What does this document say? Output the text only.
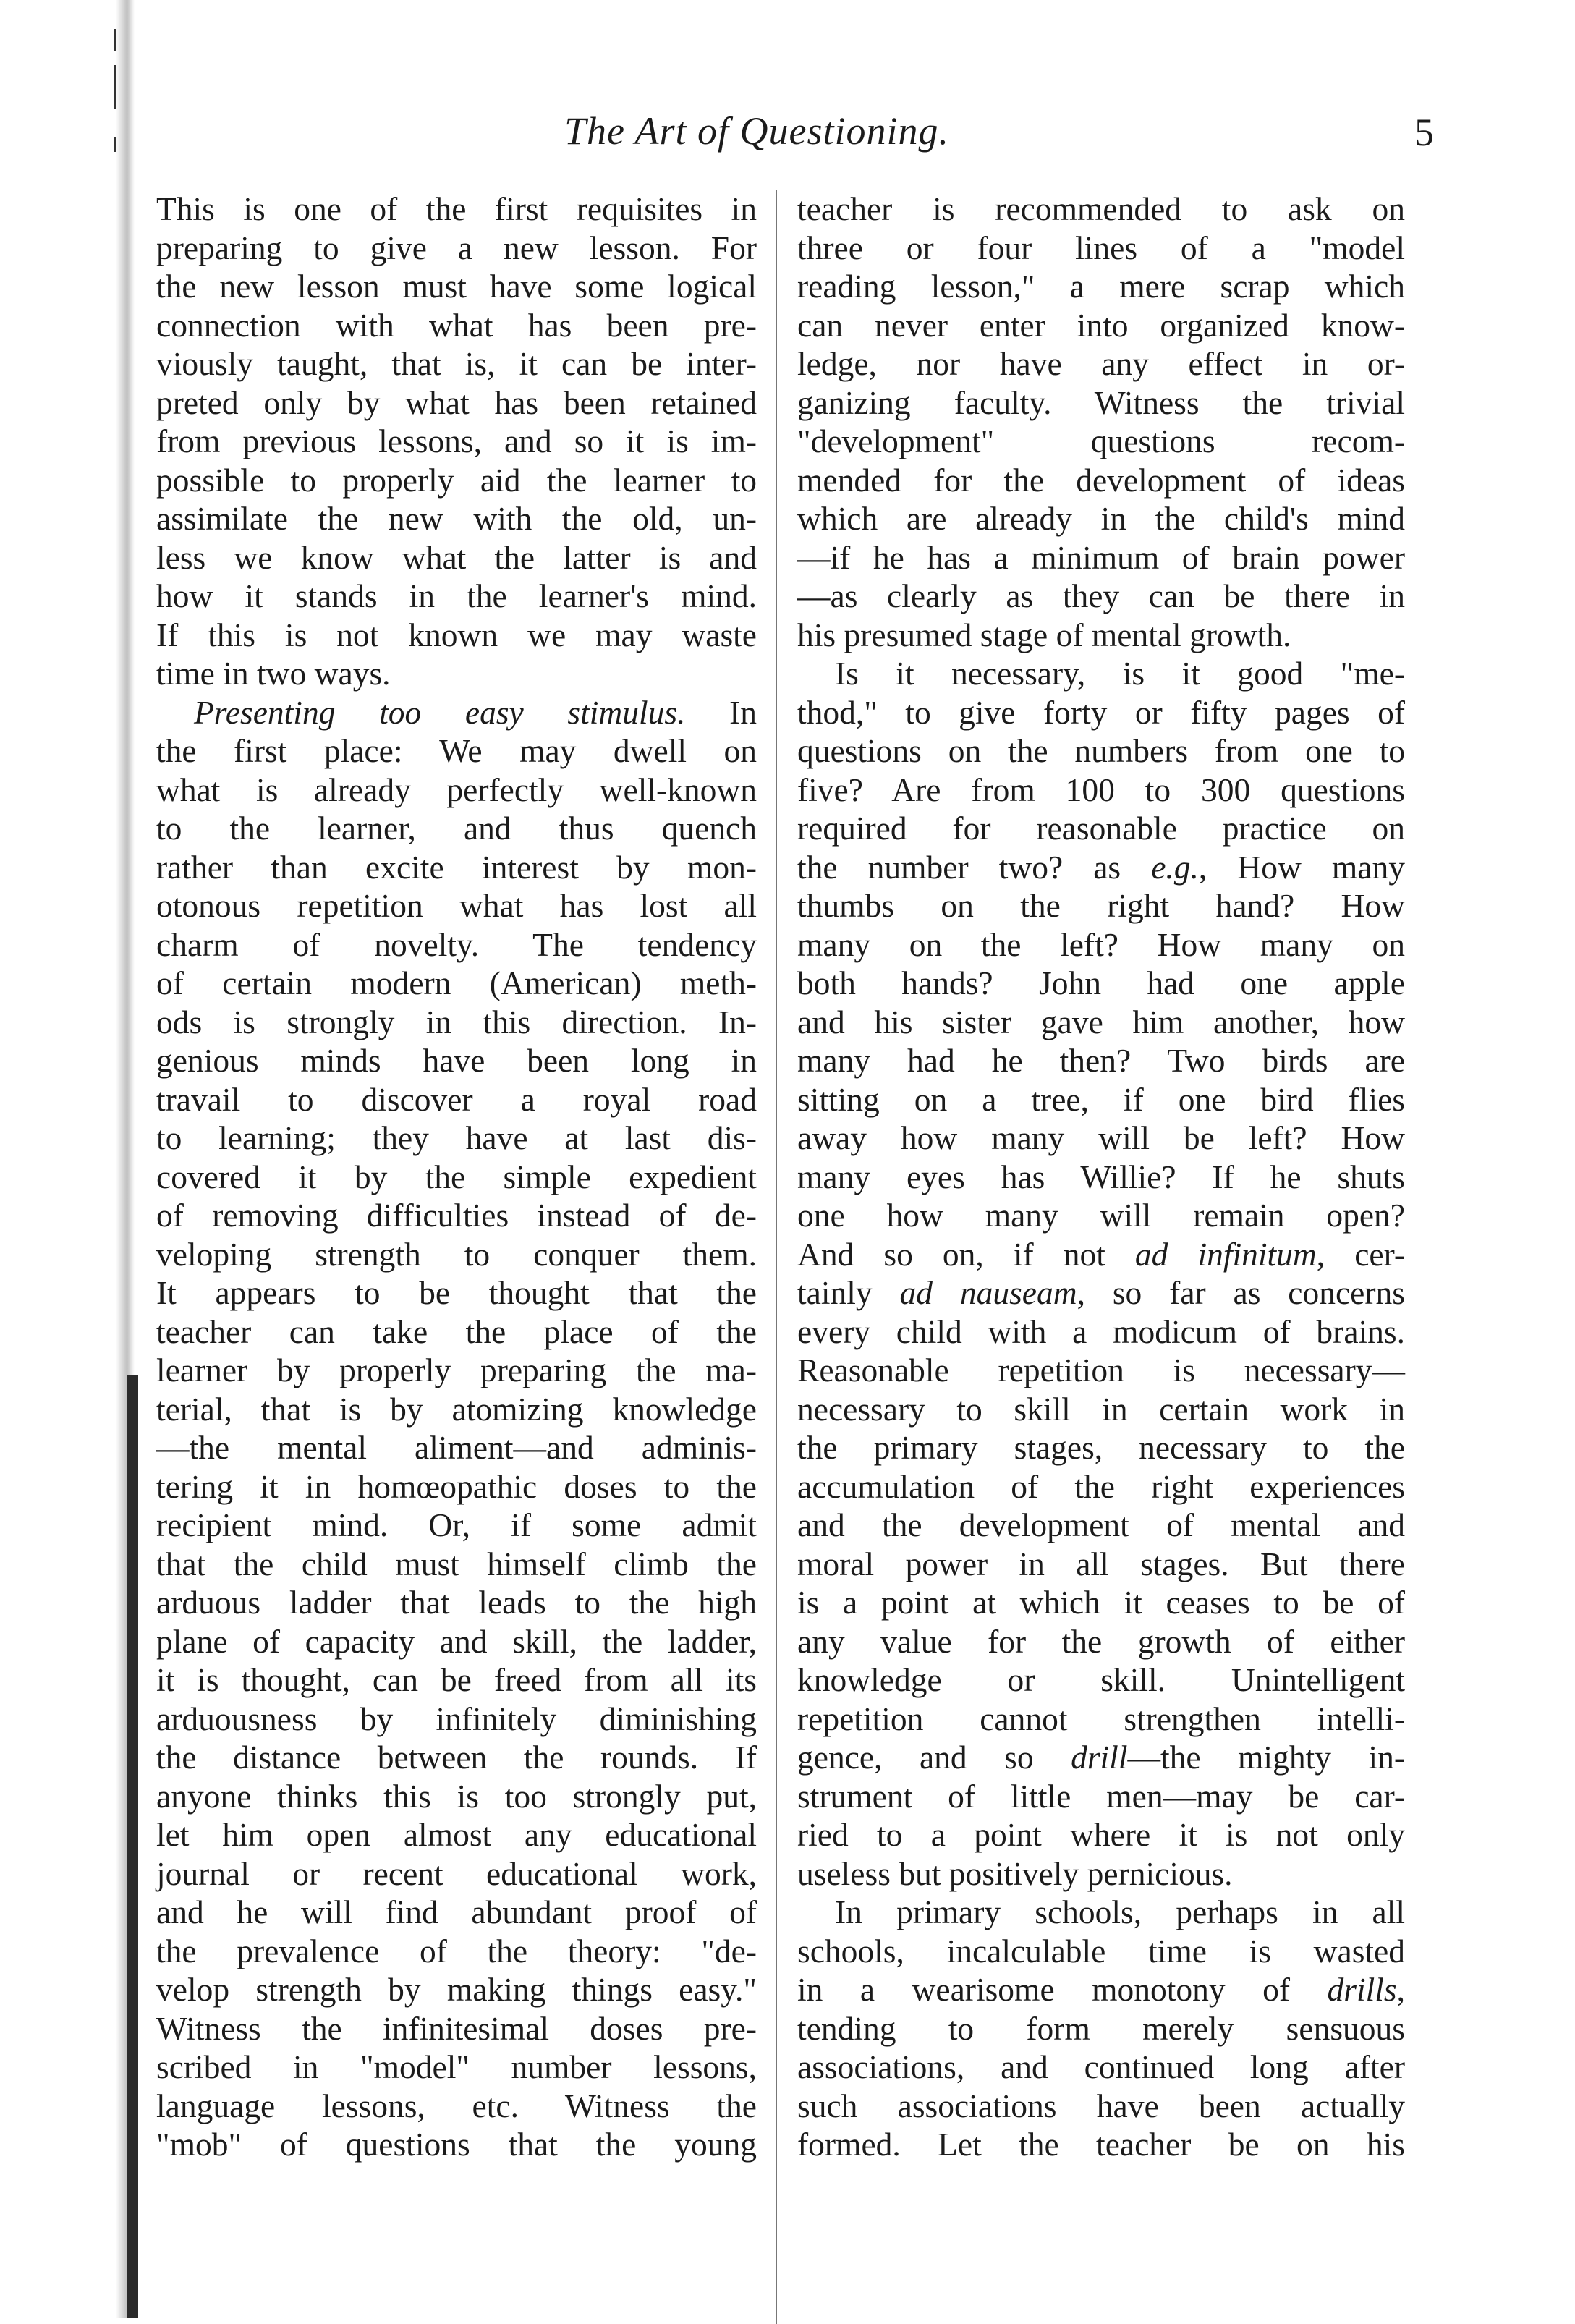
The Art of Questioning.	5
This is one of the first requisites in
preparing to give a new lesson. For
the new lesson must have some logical
connection with what has been pre-
viously taught, that is, it can be inter-
preted only by what has been retained
from previous lessons, and so it is im-
possible to properly aid the learner to
assimilate the new with the old, un-
less we know what the latter is and
how it stands in the learner's mind.
If this is not known we may waste
time in two ways.
Presenting too easy stimulus. In
the first place: We may dwell on
what is already perfectly well-known
to the learner, and thus quench
rather than excite interest by mon-
otonous repetition what has lost all
charm of novelty. The tendency
of certain modern (American) meth-
ods is strongly in this direction. In-
genious minds have been long in
travail to discover a royal road
to learning; they have at last dis-
covered it by the simple expedient
of removing difficulties instead of de-
veloping strength to conquer them.
It appears to be thought that the
teacher can take the place of the
learner by properly preparing the ma-
terial, that is by atomizing knowledge
—the mental aliment—and adminis-
tering it in homœopathic doses to the
recipient mind. Or, if some admit
that the child must himself climb the
arduous ladder that leads to the high
plane of capacity and skill, the ladder,
it is thought, can be freed from all its
arduousness by infinitely diminishing
the distance between the rounds. If
anyone thinks this is too strongly put,
let him open almost any educational
journal or recent educational work,
and he will find abundant proof of
the prevalence of the theory: "de-
velop strength by making things easy."
Witness the infinitesimal doses pre-
scribed in "model" number lessons,
language lessons, etc. Witness the
"mob" of questions that the young
teacher is recommended to ask on
three or four lines of a "model
reading lesson," a mere scrap which
can never enter into organized know-
ledge, nor have any effect in or-
ganizing faculty. Witness the trivial
"development" questions recom-
mended for the development of ideas
which are already in the child's mind
—if he has a minimum of brain power
—as clearly as they can be there in
his presumed stage of mental growth.
Is it necessary, is it good "me-
thod," to give forty or fifty pages of
questions on the numbers from one to
five? Are from 100 to 300 questions
required for reasonable practice on
the number two? as e.g., How many
thumbs on the right hand? How
many on the left? How many on
both hands? John had one apple
and his sister gave him another, how
many had he then? Two birds are
sitting on a tree, if one bird flies
away how many will be left? How
many eyes has Willie? If he shuts
one how many will remain open?
And so on, if not ad infinitum, cer-
tainly ad nauseam, so far as concerns
every child with a modicum of brains.
Reasonable repetition is necessary—
necessary to skill in certain work in
the primary stages, necessary to the
accumulation of the right experiences
and the development of mental and
moral power in all stages. But there
is a point at which it ceases to be of
any value for the growth of either
knowledge or skill. Unintelligent
repetition cannot strengthen intelli-
gence, and so drill—the mighty in-
strument of little men—may be car-
ried to a point where it is not only
useless but positively pernicious.
In primary schools, perhaps in all
schools, incalculable time is wasted
in a wearisome monotony of drills,
tending to form merely sensuous
associations, and continued long after
such associations have been actually
formed. Let the teacher be on his
